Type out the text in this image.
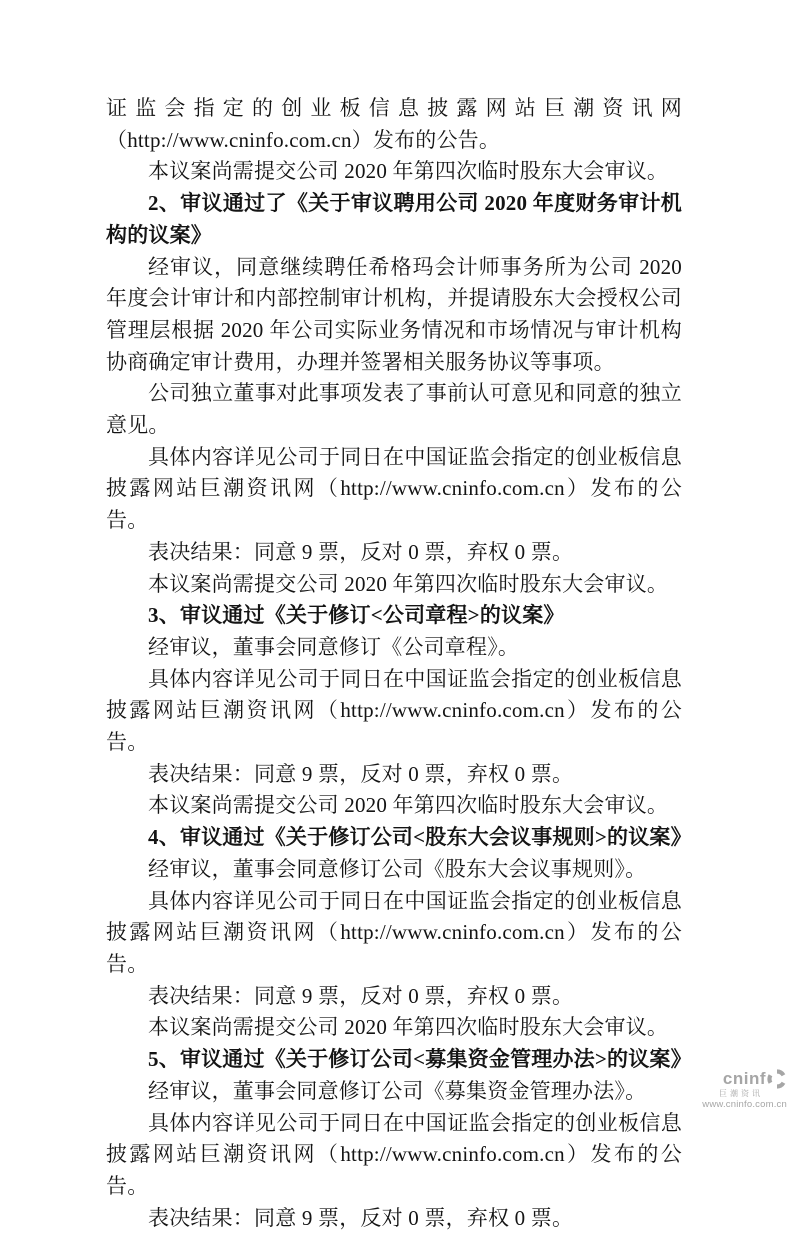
证监会指定的创业板信息披露网站巨潮资讯网（http://www.cninfo.com.cn）发布的公告。

本议案尚需提交公司 2020 年第四次临时股东大会审议。

2、审议通过了《关于审议聘用公司 2020 年度财务审计机构的议案》

经审议，同意继续聘任希格玛会计师事务所为公司 2020 年度会计审计和内部控制审计机构，并提请股东大会授权公司管理层根据 2020 年公司实际业务情况和市场情况与审计机构协商确定审计费用，办理并签署相关服务协议等事项。

公司独立董事对此事项发表了事前认可意见和同意的独立意见。

具体内容详见公司于同日在中国证监会指定的创业板信息披露网站巨潮资讯网（http://www.cninfo.com.cn）发布的公告。

表决结果：同意 9 票，反对 0 票，弃权 0 票。

本议案尚需提交公司 2020 年第四次临时股东大会审议。

3、审议通过《关于修订<公司章程>的议案》

经审议，董事会同意修订《公司章程》。

具体内容详见公司于同日在中国证监会指定的创业板信息披露网站巨潮资讯网（http://www.cninfo.com.cn）发布的公告。

表决结果：同意 9 票，反对 0 票，弃权 0 票。

本议案尚需提交公司 2020 年第四次临时股东大会审议。

4、审议通过《关于修订公司<股东大会议事规则>的议案》

经审议，董事会同意修订公司《股东大会议事规则》。

具体内容详见公司于同日在中国证监会指定的创业板信息披露网站巨潮资讯网（http://www.cninfo.com.cn）发布的公告。

表决结果：同意 9 票，反对 0 票，弃权 0 票。

本议案尚需提交公司 2020 年第四次临时股东大会审议。

5、审议通过《关于修订公司<募集资金管理办法>的议案》

经审议，董事会同意修订公司《募集资金管理办法》。

具体内容详见公司于同日在中国证监会指定的创业板信息披露网站巨潮资讯网（http://www.cninfo.com.cn）发布的公告。

表决结果：同意 9 票，反对 0 票，弃权 0 票。

cninf
巨潮资讯
www.cninfo.com.cn
